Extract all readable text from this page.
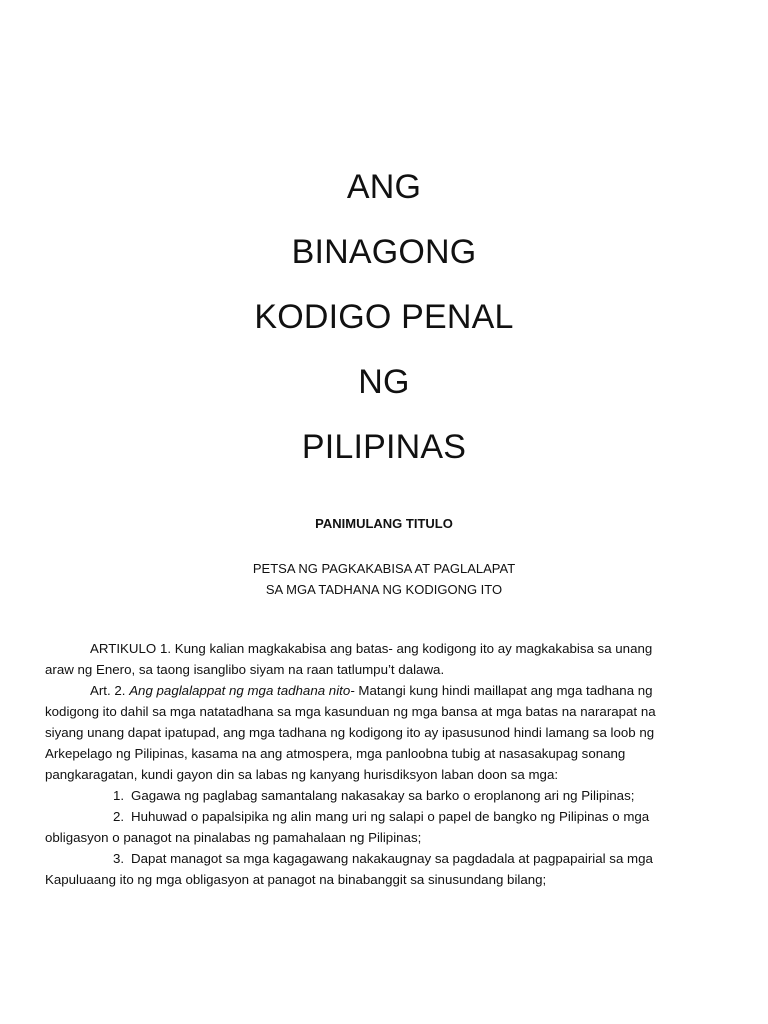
ANG
BINAGONG
KODIGO PENAL
NG
PILIPINAS
PANIMULANG TITULO
PETSA NG PAGKAKABISA AT PAGLALAPAT
SA MGA TADHANA NG KODIGONG ITO

ARTIKULO 1. Kung kalian magkakabisa ang batas- ang kodigong ito ay magkakabisa sa unang araw ng Enero, sa taong isanglibo siyam na raan tatlumpu’t dalawa.

Art. 2. Ang paglalappat ng mga tadhana nito- Matangi kung hindi maillapat ang mga tadhana ng kodigong ito dahil sa mga natatadhana sa mga kasunduan ng mga bansa at mga batas na nararapat na siyang unang dapat ipatupad, ang mga tadhana ng kodigong ito ay ipasusunod hindi lamang sa loob ng Arkepelago ng Pilipinas, kasama na ang atmospera, mga panloobna tubig at nasasakupag sonang pangkaragatan, kundi gayon din sa labas ng kanyang hurisdiksyon laban doon sa mga:

1. Gagawa ng paglabag samantalang nakasakay sa barko o eroplanong ari ng Pilipinas;

2. Huhuwad o papalsipika ng alin mang uri ng salapi o papel de bangko ng Pilipinas o mga obligasyon o panagot na pinalabas ng pamahalaan ng Pilipinas;

3. Dapat managot sa mga kagagawang nakakaugnay sa pagdadala at pagpapairial sa mga Kapuluaang ito ng mga obligasyon at panagot na binabanggit sa sinusundang bilang;
